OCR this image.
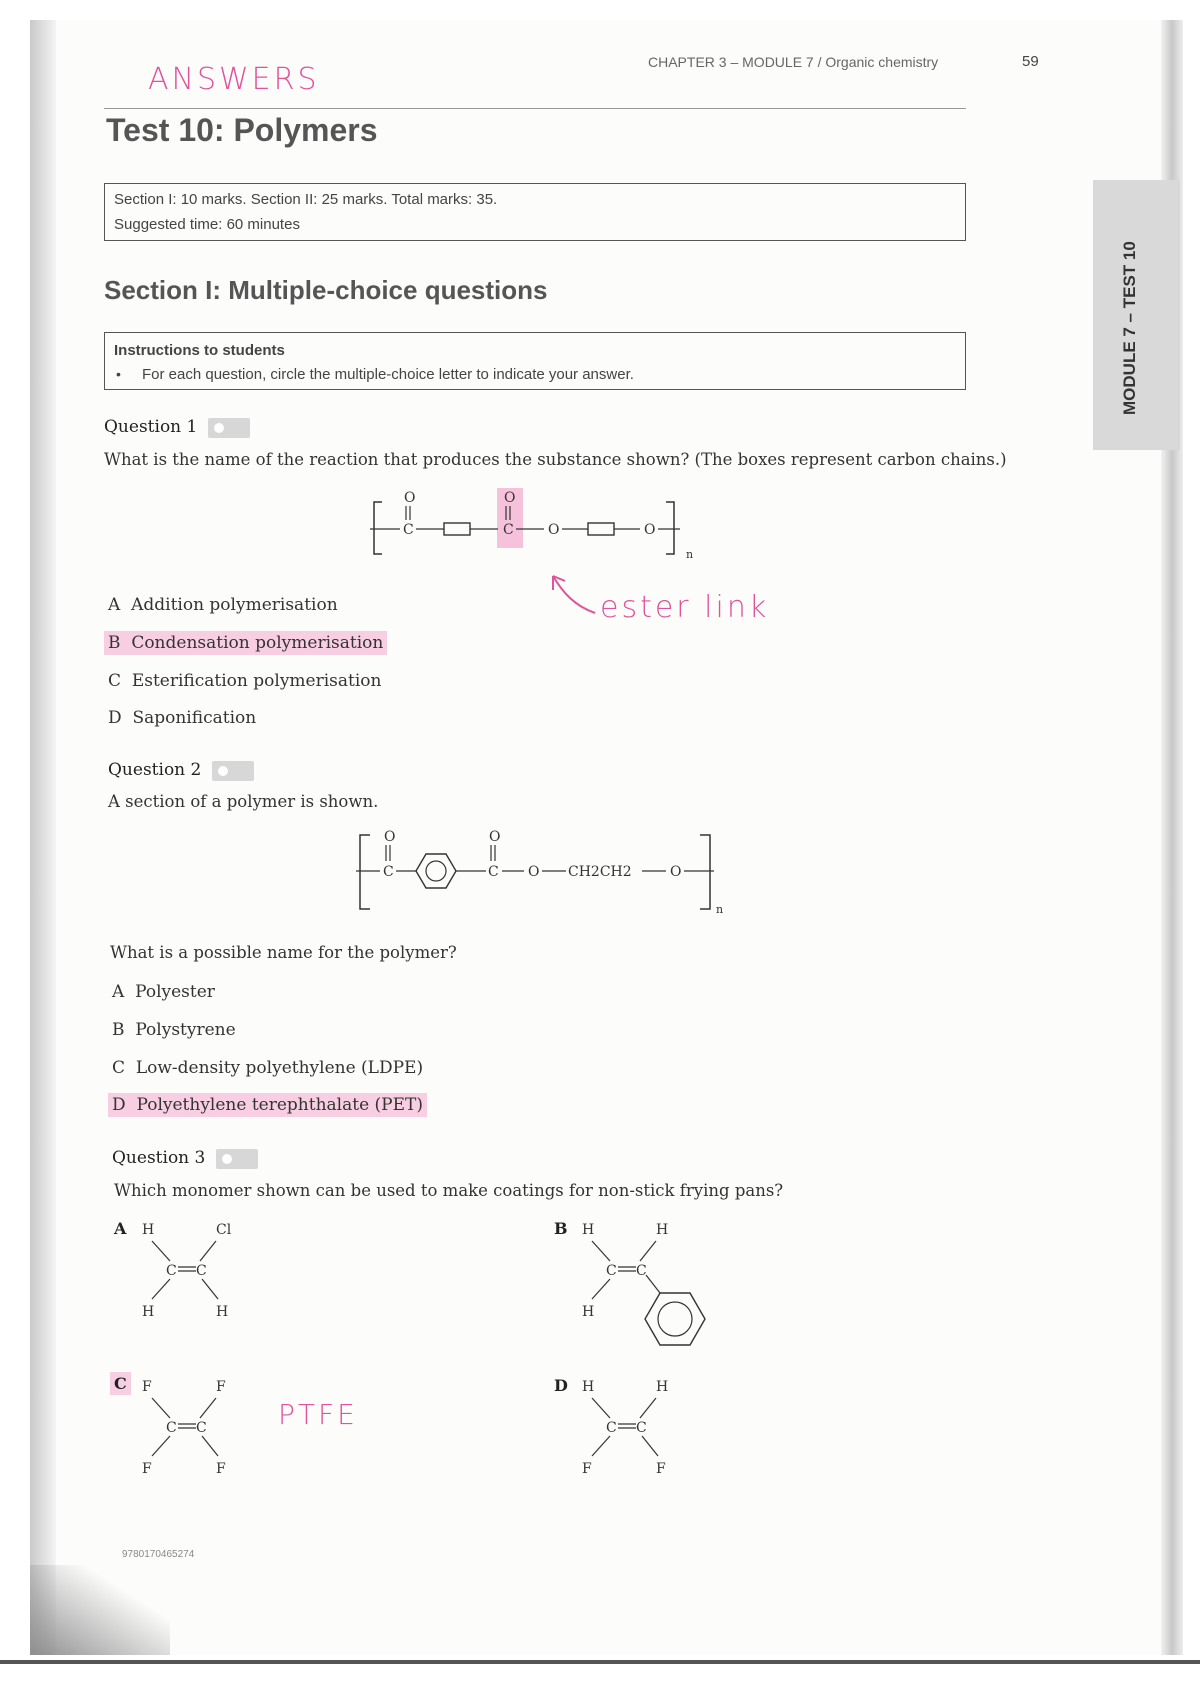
MODULE 7 – TEST 10
ANSWERS	CHAPTER 3 – MODULE 7 / Organic chemistry	59
Test 10: Polymers
Section I: 10 marks. Section II: 25 marks. Total marks: 35.
Suggested time: 60 minutes
Section I: Multiple-choice questions
Instructions to students
• For each question, circle the multiple-choice letter to indicate your answer.
Question 1
What is the name of the reaction that produces the substance shown? (The boxes represent carbon chains.)
O
C
O
C O	O
n
ester link
A Addition polymerisation
B Condensation polymerisation
C Esterification polymerisation
D Saponification
Question 2
A section of a polymer is shown.
O
C
O
C O CH2CH2	O
n
What is a possible name for the polymer?
A Polyester
B Polystyrene
C Low-density polyethylene (LDPE)
D Polyethylene terephthalate (PET)
Question 3
Which monomer shown can be used to make coatings for non-stick frying pans?
A H	Cl
C C
H	H
B H	H
C C
H
C F	F
C C
F	F
PTFE
D H	H
C C
F	F
9780170465274
